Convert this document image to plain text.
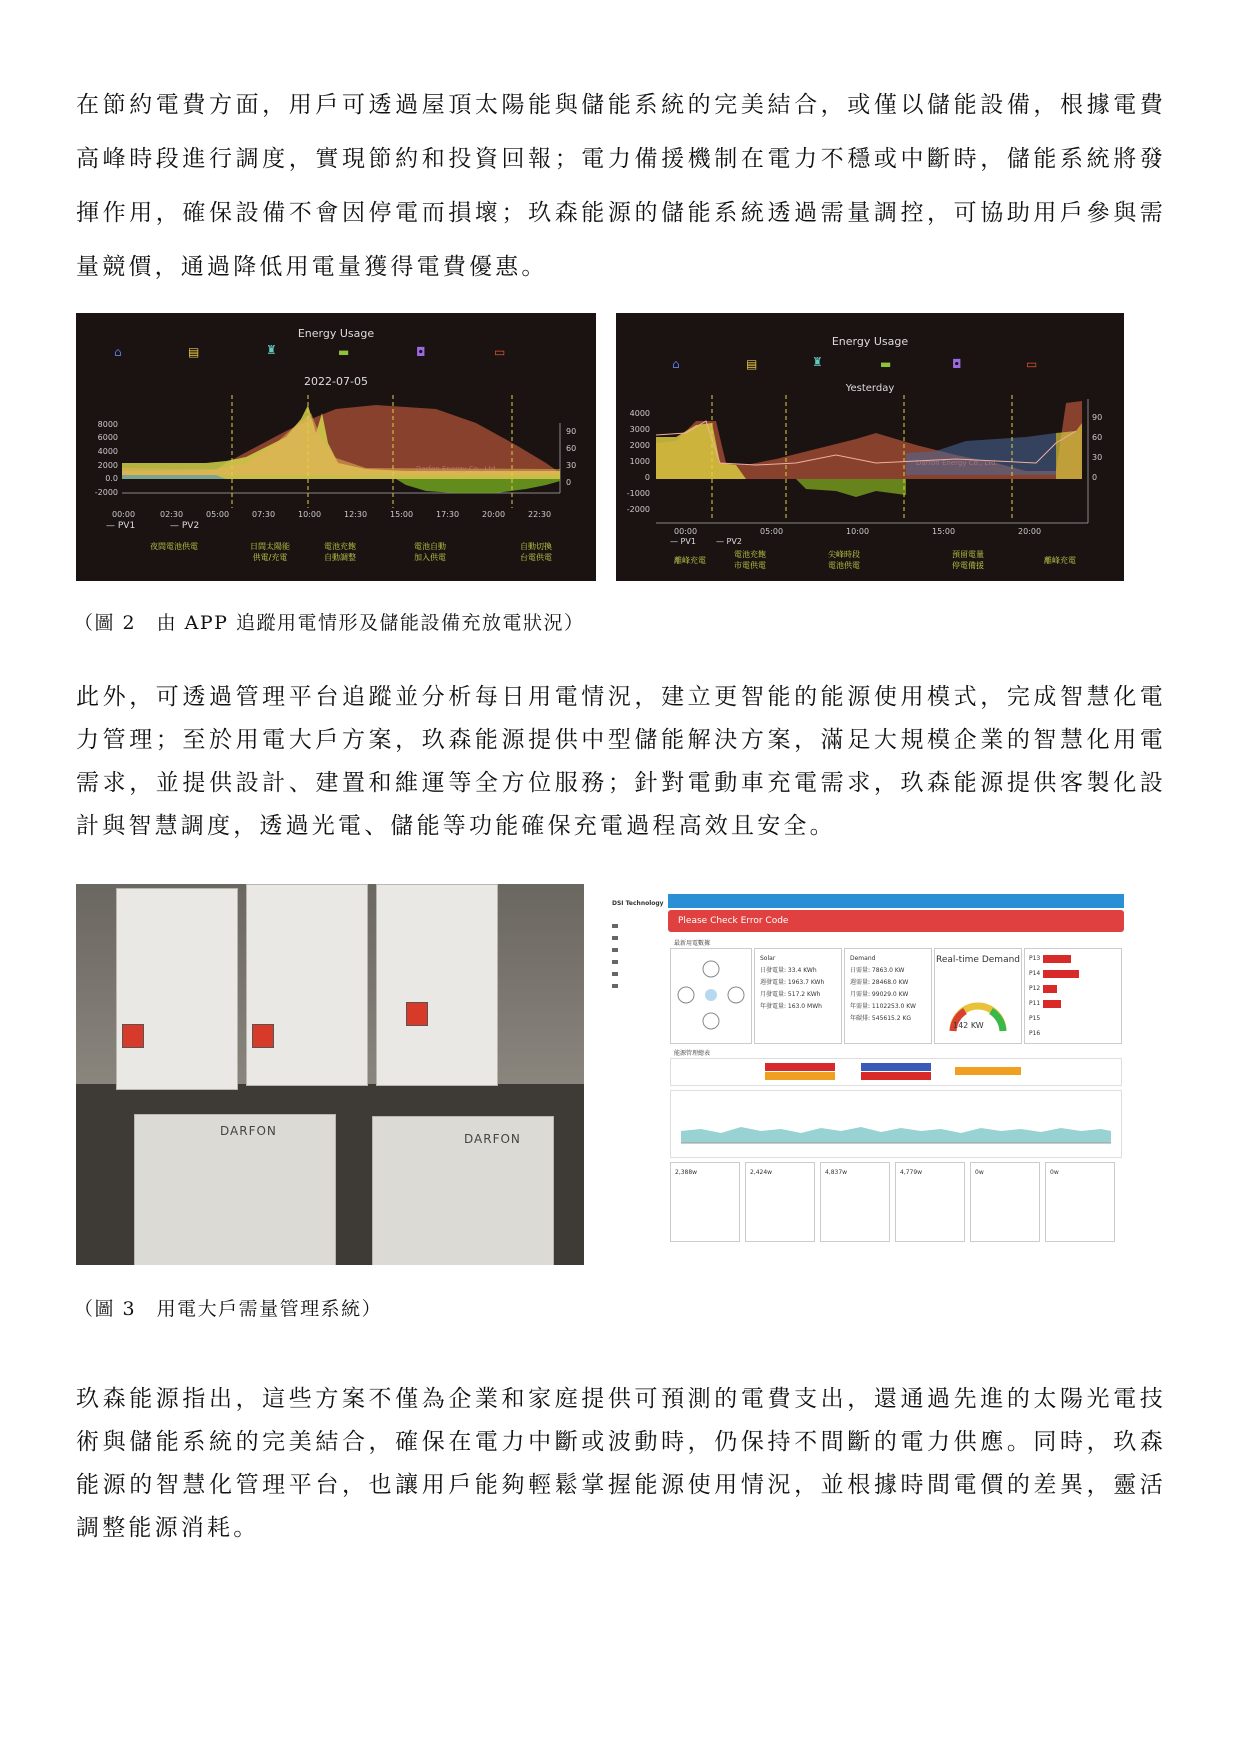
在節約電費方面，用戶可透過屋頂太陽能與儲能系統的完美結合，或僅以儲能設備，根據電費高峰時段進行調度，實現節約和投資回報；電力備援機制在電力不穩或中斷時，儲能系統將發揮作用，確保設備不會因停電而損壞；玖森能源的儲能系統透過需量調控，可協助用戶參與需量競價，通過降低用電量獲得電費優惠。

Energy Usage
⌂	▤	♜	▬	◘	▭
2022-07-05
8000
6000
4000
2000
0.0
-2000
90
60
30
0
Darfon Energy Co., Ltd.
00:00	02:30	05:00	07:30	10:00	12:30	15:00	17:30	20:00	22:30
— PV1	— PV2
夜間電池供電	日間太陽能
供電/充電
電池充飽
自動調整
電池自動
加入供電
自動切換
台電供電
Energy Usage
⌂	▤	♜	▬	◘	▭
Yesterday
4000
3000
2000
1000
0
-1000
-2000
90
60
30
0
Darfon Energy Co., Ltd.
00:00	05:00	10:00	15:00	20:00
— PV1	— PV2
離峰充電
電池充飽
市電供電
尖峰時段
電池供電
預留電量
停電備援
離峰充電

（圖 2　由 APP 追蹤用電情形及儲能設備充放電狀況）

此外，可透過管理平台追蹤並分析每日用電情況，建立更智能的能源使用模式，完成智慧化電力管理；至於用電大戶方案，玖森能源提供中型儲能解決方案，滿足大規模企業的智慧化用電需求，並提供設計、建置和維運等全方位服務；針對電動車充電需求，玖森能源提供客製化設計與智慧調度，透過光電、儲能等功能確保充電過程高效且安全。

DARFON
DARFON
DSI Technology
Please Check Error Code
最新用電數據
Solar
日發電量: 33.4 KWh
週發電量: 1963.7 KWh
月發電量: 517.2 KWh
年發電量: 163.0 MWh
Demand
日需量: 7863.0 KW
週需量: 28468.0 KW
月需量: 99029.0 KW
年需量: 1102253.0 KW
年碳排: 545615.2 KG
Real-time Demand
142 KW
P13
P14
P12
P11
P15
P16
能源管理總表
2,388w	2,424w	4,837w	4,779w	0w	0w

（圖 3　用電大戶需量管理系統）

玖森能源指出，這些方案不僅為企業和家庭提供可預測的電費支出，還通過先進的太陽光電技術與儲能系統的完美結合，確保在電力中斷或波動時，仍保持不間斷的電力供應。同時，玖森能源的智慧化管理平台，也讓用戶能夠輕鬆掌握能源使用情況，並根據時間電價的差異，靈活調整能源消耗。
